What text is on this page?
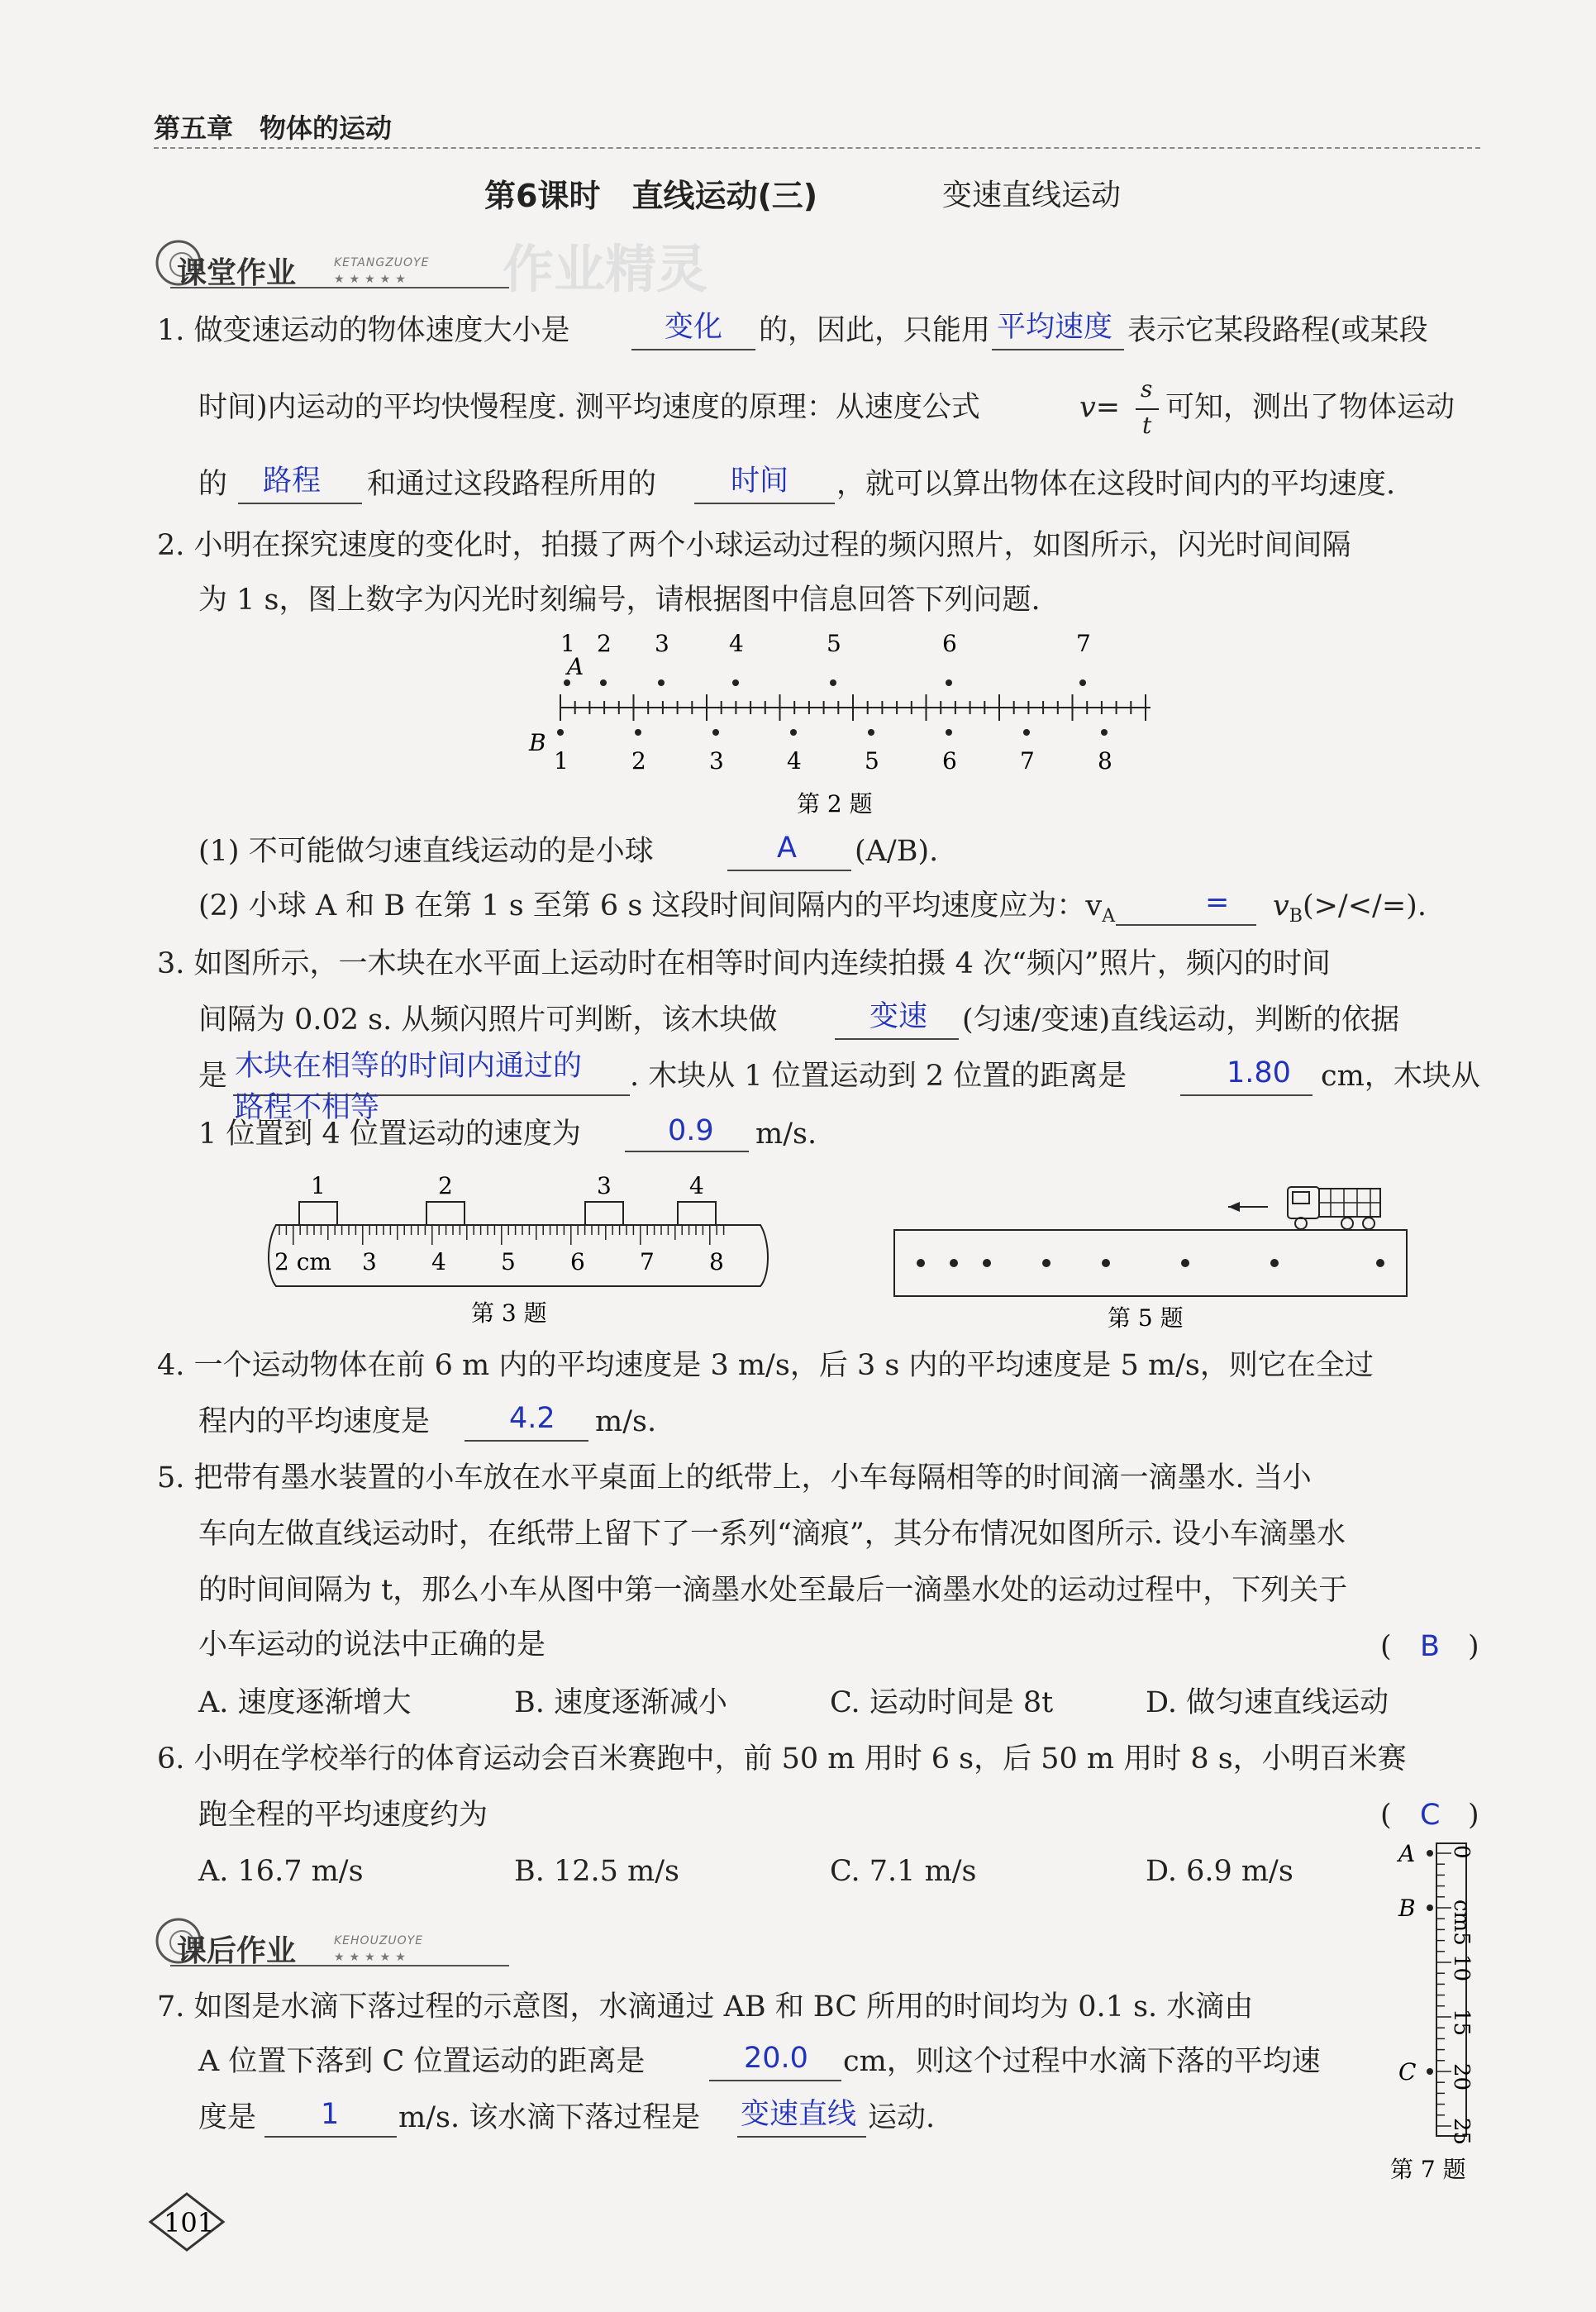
第五章　物体的运动
第6课时　直线运动(三)	变速直线运动
课堂作业	KETANGZUOYE
★★★★★ 作业精灵
1. 做变速运动的物体速度大小是	变化 的，因此，只能用 平均速度 表示它某段路程(或某段
时间)内运动的平均快慢程度. 测平均速度的原理：从速度公式	v=
s
t
可知，测出了物体运动
的 路程 和通过这段路程所用的	时间 ，就可以算出物体在这段时间内的平均速度.
2. 小明在探究速度的变化时，拍摄了两个小球运动过程的频闪照片，如图所示，闪光时间间隔
为 1 s，图上数字为闪光时刻编号，请根据图中信息回答下列问题.
A
B
1 2 3	4	5	6	7
1	2	3	4	5	6	7	8
第 2 题
(1) 不可能做匀速直线运动的是小球	A (A/B).
(2) 小球 A 和 B 在第 1 s 至第 6 s 这段时间间隔内的平均速度应为：$v_A$	= $v_B(>/</=)$.
3. 如图所示，一木块在水平面上运动时在相等时间内连续拍摄 4 次“频闪”照片，频闪的时间
间隔为 0.02 s. 从频闪照片可判断，该木块做	变速 (匀速/变速)直线运动，判断的依据
是 木块在相等的时间内通过的
路程不相等
. 木块从 1 位置运动到 2 位置的距离是	1.80 cm，木块从
1 位置到 4 位置运动的速度为	0.9 m/s.
1	2	3	4
2 cm 3 4 5 6 7 8
第 3 题	第 5 题
4. 一个运动物体在前 6 m 内的平均速度是 3 m/s，后 3 s 内的平均速度是 5 m/s，则它在全过
程内的平均速度是	4.2 m/s.
5. 把带有墨水装置的小车放在水平桌面上的纸带上，小车每隔相等的时间滴一滴墨水. 当小
车向左做直线运动时，在纸带上留下了一系列“滴痕”，其分布情况如图所示. 设小车滴墨水
的时间间隔为 t，那么小车从图中第一滴墨水处至最后一滴墨水处的运动过程中，下列关于
小车运动的说法中正确的是	( B )
A. 速度逐渐增大	B. 速度逐渐减小	C. 运动时间是 8t	D. 做匀速直线运动
6. 小明在学校举行的体育运动会百米赛跑中，前 50 m 用时 6 s，后 50 m 用时 8 s，小明百米赛
跑全程的平均速度约为	( C )
A. 16.7 m/s	B. 12.5 m/s	C. 7.1 m/s	D. 6.9 m/s
课后作业	KEHOUZUOYE
★★★★★
7. 如图是水滴下落过程的示意图，水滴通过 AB 和 BC 所用的时间均为 0.1 s. 水滴由
A 位置下落到 C 位置运动的距离是	20.0 cm，则这个过程中水滴下落的平均速
度是 1 m/s. 该水滴下落过程是 变速直线 运动.
0
cm5
10
15
20
25
A
B
C
第 7 题
101
